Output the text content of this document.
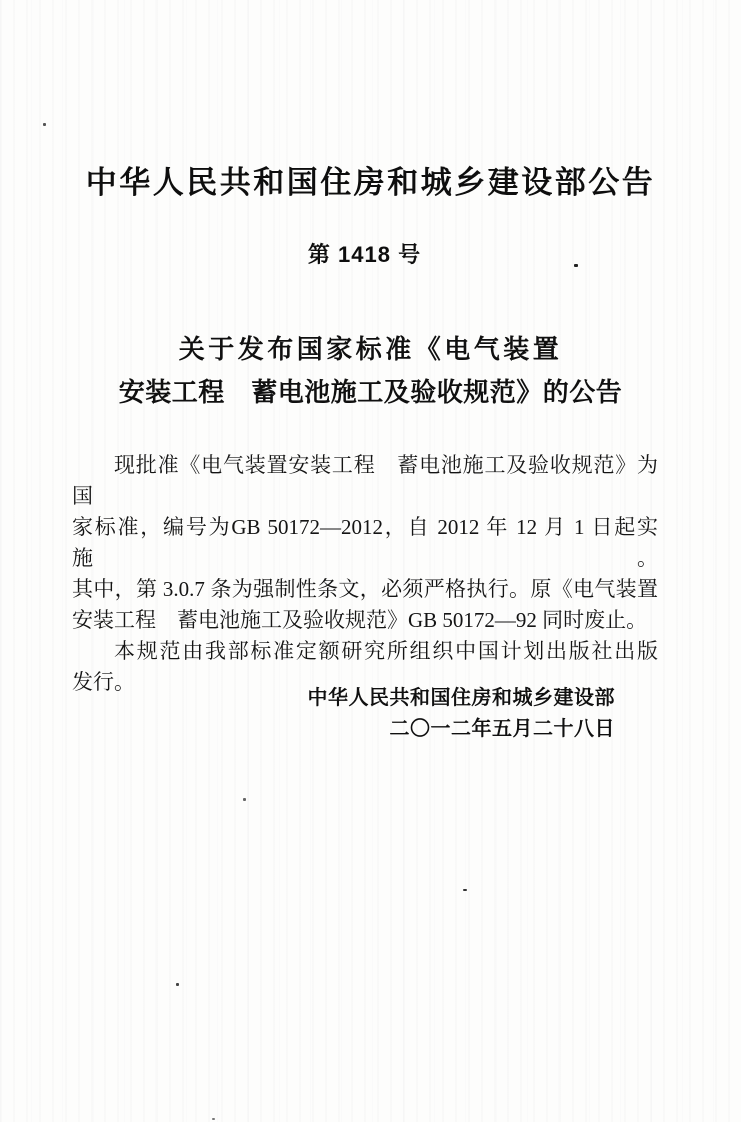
中华人民共和国住房和城乡建设部公告
第 1418 号
关于发布国家标准《电气装置
安装工程　蓄电池施工及验收规范》的公告
现批准《电气装置安装工程　蓄电池施工及验收规范》为国
家标准，编号为GB 50172—2012，自 2012 年 12 月 1 日起实施。
其中，第 3.0.7 条为强制性条文，必须严格执行。原《电气装置
安装工程　蓄电池施工及验收规范》GB 50172—92 同时废止。
本规范由我部标准定额研究所组织中国计划出版社出版
发行。
中华人民共和国住房和城乡建设部
二〇一二年五月二十八日
